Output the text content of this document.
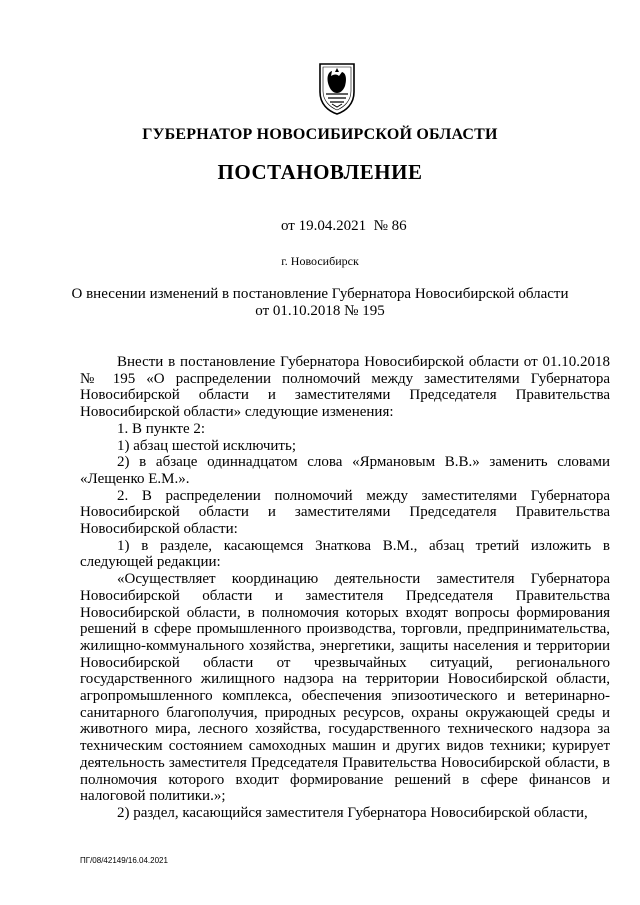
ГУБЕРНАТОР НОВОСИБИРСКОЙ ОБЛАСТИ
ПОСТАНОВЛЕНИЕ
от 19.04.2021  № 86
г. Новосибирск
О внесении изменений в постановление Губернатора Новосибирской области
от 01.10.2018 № 195

Внести в постановление Губернатора Новосибирской области от 01.10.2018 № 195 «О распределении полномочий между заместителями Губернатора Новосибирской области и заместителями Председателя Правительства Новосибирской области» следующие изменения:

1. В пункте 2:

1) абзац шестой исключить;

2) в абзаце одиннадцатом слова «Ярмановым В.В.» заменить словами «Лещенко Е.М.».

2. В распределении полномочий между заместителями Губернатора Новосибирской области и заместителями Председателя Правительства Новосибирской области:

1) в разделе, касающемся Знаткова В.М., абзац третий изложить в следующей редакции:

«Осуществляет координацию деятельности заместителя Губернатора Новосибирской области и заместителя Председателя Правительства Новосибирской области, в полномочия которых входят вопросы формирования решений в сфере промышленного производства, торговли, предпринимательства, жилищно-коммунального хозяйства, энергетики, защиты населения и территории Новосибирской области от чрезвычайных ситуаций, регионального государственного жилищного надзора на территории Новосибирской области, агропромышленного комплекса, обеспечения эпизоотического и ветеринарно-санитарного благополучия, природных ресурсов, охраны окружающей среды и животного мира, лесного хозяйства, государственного технического надзора за техническим состоянием самоходных машин и других видов техники; курирует деятельность заместителя Председателя Правительства Новосибирской области, в полномочия которого входит формирование решений в сфере финансов и налоговой политики.»;

2) раздел, касающийся заместителя Губернатора Новосибирской области,

ПГ/08/42149/16.04.2021
